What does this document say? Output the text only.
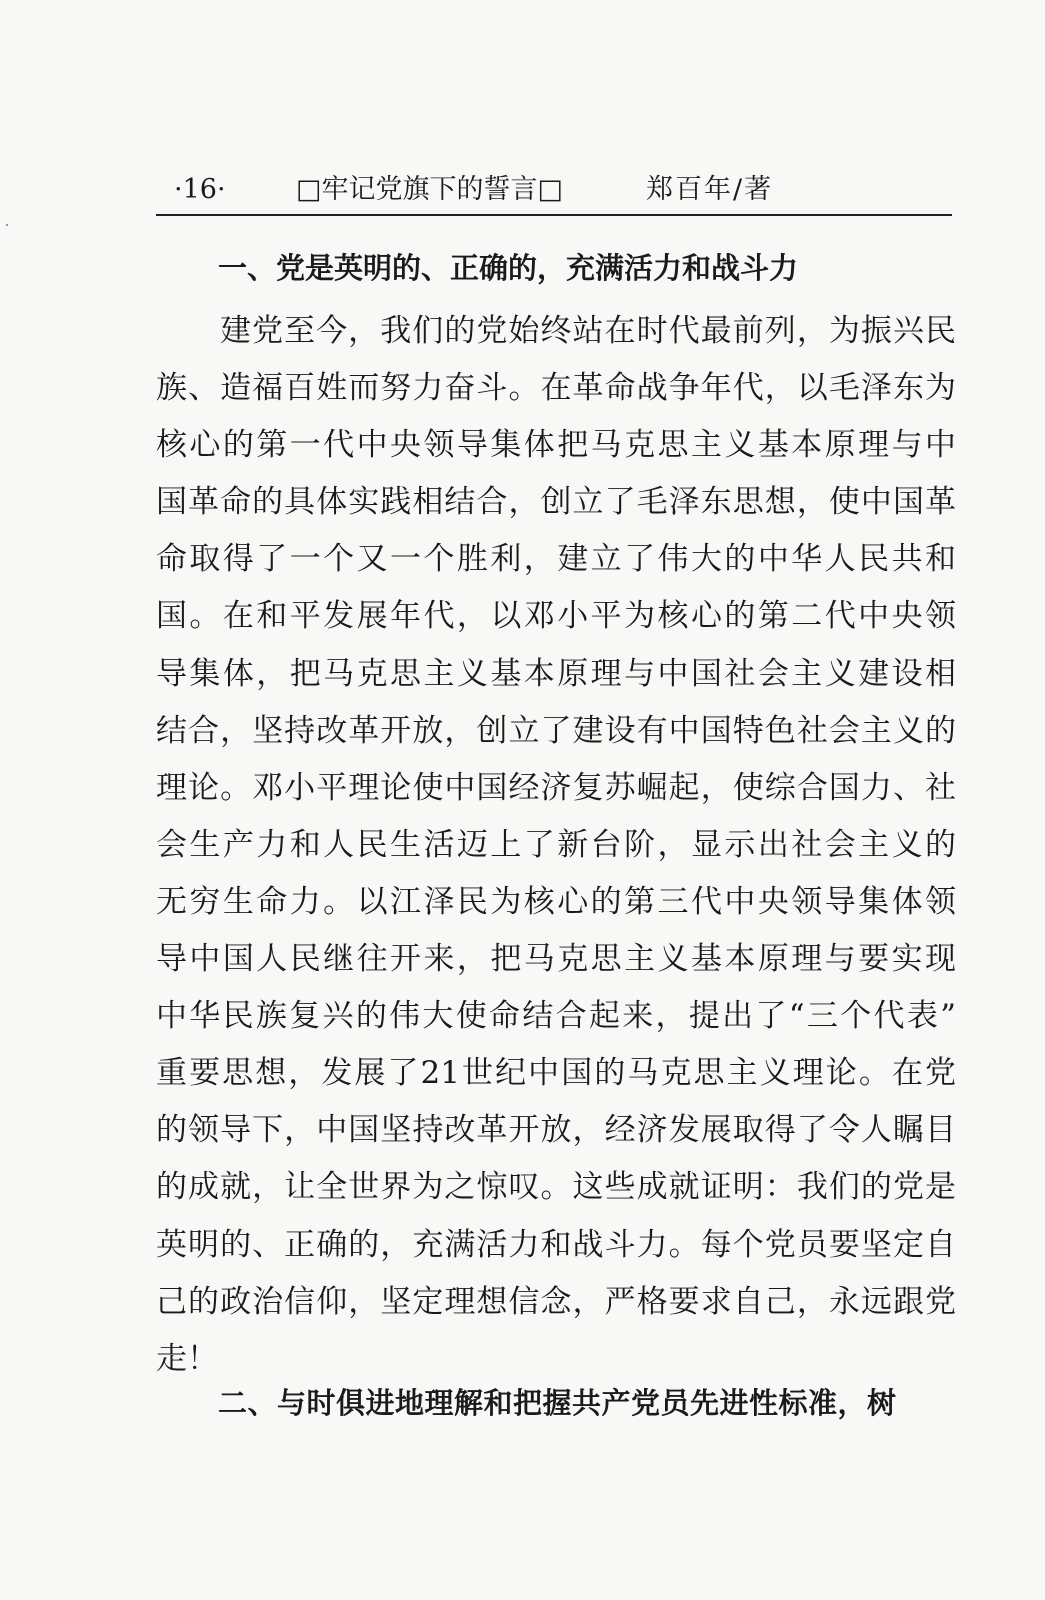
·16·	□牢记党旗下的誓言□	郑百年/著
一、党是英明的、正确的，充满活力和战斗力
建党至今，我们的党始终站在时代最前列，为振兴民
族、造福百姓而努力奋斗。在革命战争年代，以毛泽东为
核心的第一代中央领导集体把马克思主义基本原理与中
国革命的具体实践相结合，创立了毛泽东思想，使中国革
命取得了一个又一个胜利，建立了伟大的中华人民共和
国。在和平发展年代，以邓小平为核心的第二代中央领
导集体，把马克思主义基本原理与中国社会主义建设相
结合，坚持改革开放，创立了建设有中国特色社会主义的
理论。邓小平理论使中国经济复苏崛起，使综合国力、社
会生产力和人民生活迈上了新台阶，显示出社会主义的
无穷生命力。以江泽民为核心的第三代中央领导集体领
导中国人民继往开来，把马克思主义基本原理与要实现
中华民族复兴的伟大使命结合起来，提出了“三个代表”
重要思想，发展了21世纪中国的马克思主义理论。在党
的领导下，中国坚持改革开放，经济发展取得了令人瞩目
的成就，让全世界为之惊叹。这些成就证明：我们的党是
英明的、正确的，充满活力和战斗力。每个党员要坚定自
己的政治信仰，坚定理想信念，严格要求自己，永远跟党
走！
二、与时俱进地理解和把握共产党员先进性标准，树
